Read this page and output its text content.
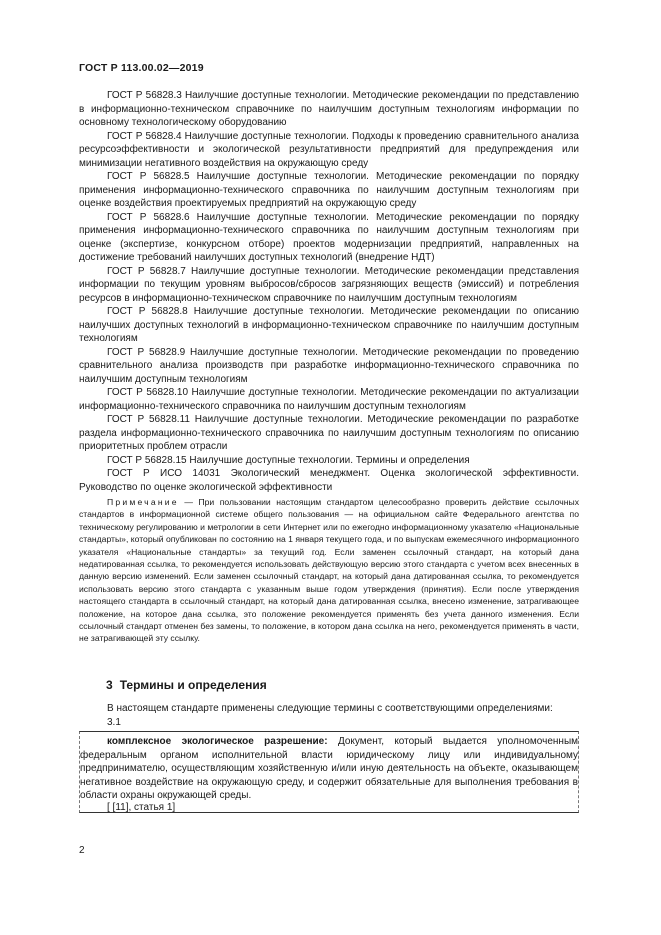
ГОСТ Р 113.00.02—2019

ГОСТ Р 56828.3 Наилучшие доступные технологии. Методические рекомендации по представлению в информационно-техническом справочнике по наилучшим доступным технологиям информации по основному технологическому оборудованию

ГОСТ Р 56828.4 Наилучшие доступные технологии. Подходы к проведению сравнительного анализа ресурсоэффективности и экологической результативности предприятий для предупреждения или минимизации негативного воздействия на окружающую среду

ГОСТ Р 56828.5 Наилучшие доступные технологии. Методические рекомендации по порядку применения информационно-технического справочника по наилучшим доступным технологиям при оценке воздействия проектируемых предприятий на окружающую среду

ГОСТ Р 56828.6 Наилучшие доступные технологии. Методические рекомендации по порядку применения информационно-технического справочника по наилучшим доступным технологиям при оценке (экспертизе, конкурсном отборе) проектов модернизации предприятий, направленных на достижение требований наилучших доступных технологий (внедрение НДТ)

ГОСТ Р 56828.7 Наилучшие доступные технологии. Методические рекомендации представления информации по текущим уровням выбросов/сбросов загрязняющих веществ (эмиссий) и потребления ресурсов в информационно-техническом справочнике по наилучшим доступным технологиям

ГОСТ Р 56828.8 Наилучшие доступные технологии. Методические рекомендации по описанию наилучших доступных технологий в информационно-техническом справочнике по наилучшим доступным технологиям

ГОСТ Р 56828.9 Наилучшие доступные технологии. Методические рекомендации по проведению сравнительного анализа производств при разработке информационно-технического справочника по наилучшим доступным технологиям

ГОСТ Р 56828.10 Наилучшие доступные технологии. Методические рекомендации по актуализации информационно-технического справочника по наилучшим доступным технологиям

ГОСТ Р 56828.11 Наилучшие доступные технологии. Методические рекомендации по разработке раздела информационно-технического справочника по наилучшим доступным технологиям по описанию приоритетных проблем отрасли

ГОСТ Р 56828.15 Наилучшие доступные технологии. Термины и определения

ГОСТ Р ИСО 14031 Экологический менеджмент. Оценка экологической эффективности. Руководство по оценке экологической эффективности

Примечание — При пользовании настоящим стандартом целесообразно проверить действие ссылочных стандартов в информационной системе общего пользования — на официальном сайте Федерального агентства по техническому регулированию и метрологии в сети Интернет или по ежегодно информационному указателю «Национальные стандарты», который опубликован по состоянию на 1 января текущего года, и по выпускам ежемесячного информационного указателя «Национальные стандарты» за текущий год. Если заменен ссылочный стандарт, на который дана недатированная ссылка, то рекомендуется использовать действующую версию этого стандарта с учетом всех внесенных в данную версию изменений. Если заменен ссылочный стандарт, на который дана датированная ссылка, то рекомендуется использовать версию этого стандарта с указанным выше годом утверждения (принятия). Если после утверждения настоящего стандарта в ссылочный стандарт, на который дана датированная ссылка, внесено изменение, затрагивающее положение, на которое дана ссылка, это положение рекомендуется применять без учета данного изменения. Если ссылочный стандарт отменен без замены, то положение, в котором дана ссылка на него, рекомендуется применять в части, не затрагивающей эту ссылку.

3 Термины и определения

В настоящем стандарте применены следующие термины с соответствующими определениями:

3.1

комплексное экологическое разрешение: Документ, который выдается уполномоченным федеральным органом исполнительной власти юридическому лицу или индивидуальному предпринимателю, осуществляющим хозяйственную и/или иную деятельность на объекте, оказывающем негативное воздействие на окружающую среду, и содержит обязательные для выполнения требования в области охраны окружающей среды.

[ [11], статья 1]

2
